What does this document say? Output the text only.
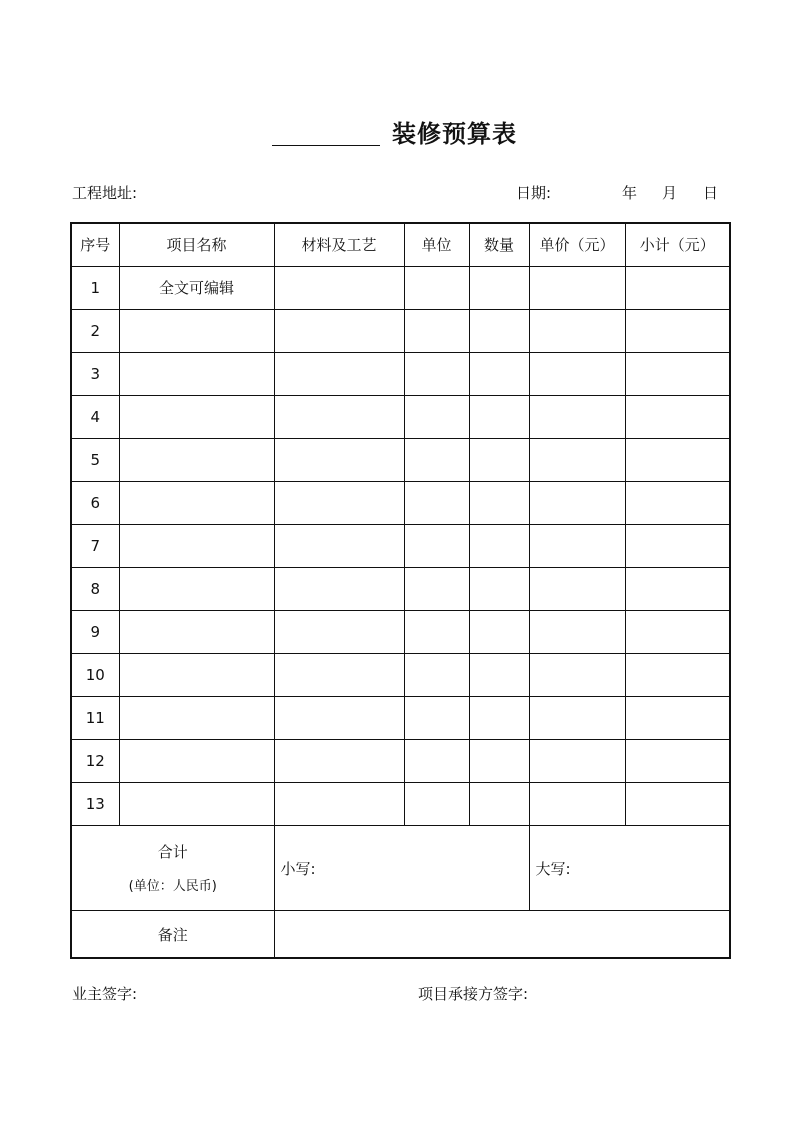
装修预算表
工程地址:	日期:	年 月 日
序号	项目名称	材料及工艺	单位	数量	单价（元）	小计（元）
1	全文可编辑					
2						
3						
4						
5						
6						
7						
8						
9						
10						
11						
12						
13						
合计
(单位：人民币)		小写:			大写:	
备注						
业主签字:	项目承接方签字:
